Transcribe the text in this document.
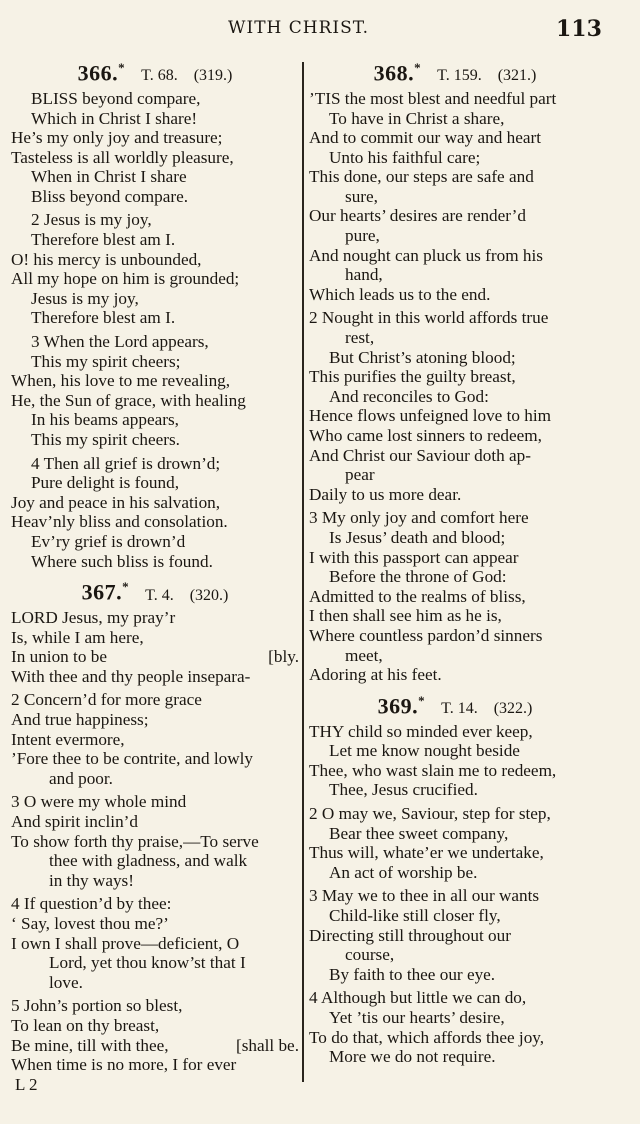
WITH CHRIST.	113
366.* T. 68. (319.)
BLISS beyond compare,
Which in Christ I share!
He’s my only joy and treasure;
Tasteless is all worldly pleasure,
When in Christ I share
Bliss beyond compare.
2 Jesus is my joy,
Therefore blest am I.
O! his mercy is unbounded,
All my hope on him is grounded;
Jesus is my joy,
Therefore blest am I.
3 When the Lord appears,
This my spirit cheers;
When, his love to me revealing,
He, the Sun of grace, with healing
In his beams appears,
This my spirit cheers.
4 Then all grief is drown’d;
Pure delight is found,
Joy and peace in his salvation,
Heav’nly bliss and consolation.
Ev’ry grief is drown’d
Where such bliss is found.
367.* T. 4. (320.)
LORD Jesus, my pray’r
Is, while I am here,
In union to be	[bly.
With thee and thy people insepara-
2 Concern’d for more grace
And true happiness;
Intent evermore,
’Fore thee to be contrite, and lowly
and poor.
3 O were my whole mind
And spirit inclin’d
To show forth thy praise,—To serve
thee with gladness, and walk
in thy ways!
4 If question’d by thee:
‘ Say, lovest thou me?’
I own I shall prove—deficient, O
Lord, yet thou know’st that I
love.
5 John’s portion so blest,
To lean on thy breast,
Be mine, till with thee,	[shall be.
When time is no more, I for ever
L 2
368.* T. 159. (321.)
’TIS the most blest and needful part
To have in Christ a share,
And to commit our way and heart
Unto his faithful care;
This done, our steps are safe and
sure,
Our hearts’ desires are render’d
pure,
And nought can pluck us from his
hand,
Which leads us to the end.
2 Nought in this world affords true
rest,
But Christ’s atoning blood;
This purifies the guilty breast,
And reconciles to God:
Hence flows unfeigned love to him
Who came lost sinners to redeem,
And Christ our Saviour doth ap-
pear
Daily to us more dear.
3 My only joy and comfort here
Is Jesus’ death and blood;
I with this passport can appear
Before the throne of God:
Admitted to the realms of bliss,
I then shall see him as he is,
Where countless pardon’d sinners
meet,
Adoring at his feet.
369.* T. 14. (322.)
THY child so minded ever keep,
Let me know nought beside
Thee, who wast slain me to redeem,
Thee, Jesus crucified.
2 O may we, Saviour, step for step,
Bear thee sweet company,
Thus will, whate’er we undertake,
An act of worship be.
3 May we to thee in all our wants
Child-like still closer fly,
Directing still throughout our
course,
By faith to thee our eye.
4 Although but little we can do,
Yet ’tis our hearts’ desire,
To do that, which affords thee joy,
More we do not require.
